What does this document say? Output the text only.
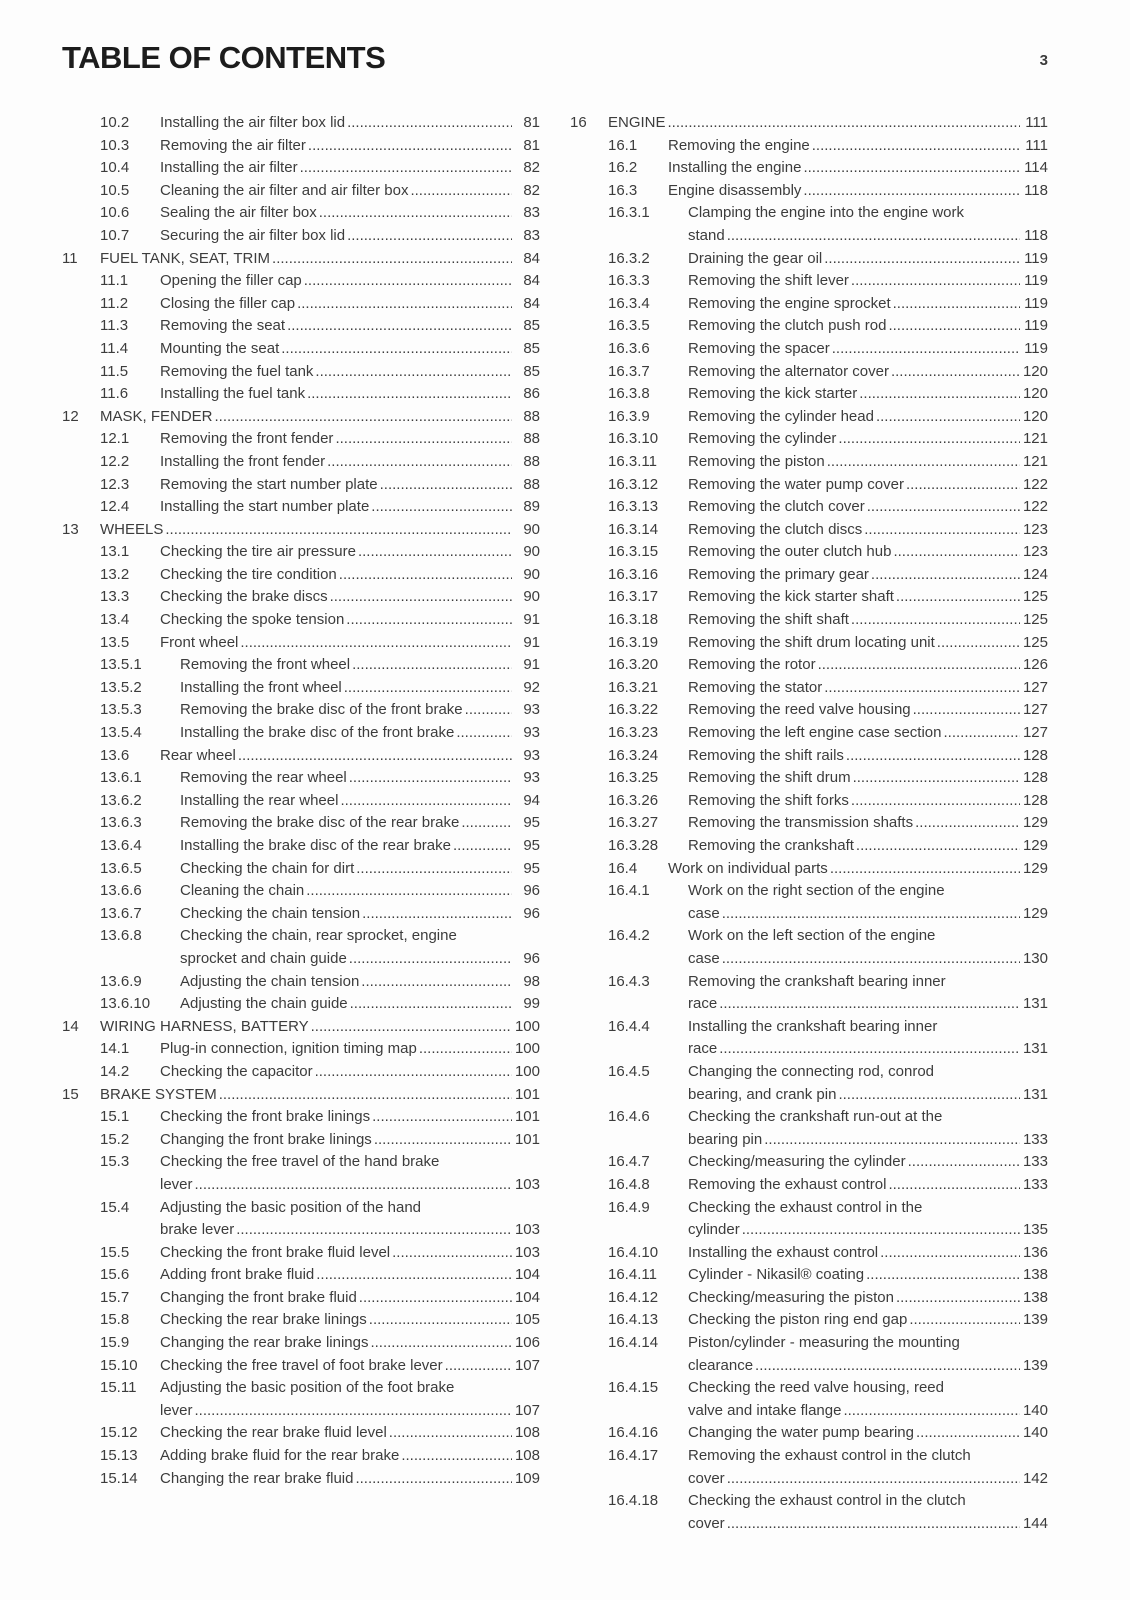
TABLE OF CONTENTS	3
10.2	Installing the air filter box lid .....	81
10.3	Removing the air filter .....	81
10.4	Installing the air filter .....	82
10.5	Cleaning the air filter and air filter box .....	82
10.6	Sealing the air filter box .....	83
10.7	Securing the air filter box lid .....	83
11	FUEL TANK, SEAT, TRIM .....	84
11.1	Opening the filler cap .....	84
11.2	Closing the filler cap .....	84
11.3	Removing the seat .....	85
11.4	Mounting the seat .....	85
11.5	Removing the fuel tank .....	85
11.6	Installing the fuel tank .....	86
12	MASK, FENDER .....	88
12.1	Removing the front fender .....	88
12.2	Installing the front fender .....	88
12.3	Removing the start number plate .....	88
12.4	Installing the start number plate .....	89
13	WHEELS .....	90
13.1	Checking the tire air pressure .....	90
13.2	Checking the tire condition .....	90
13.3	Checking the brake discs .....	90
13.4	Checking the spoke tension .....	91
13.5	Front wheel .....	91
13.5.1	Removing the front wheel .....	91
13.5.2	Installing the front wheel .....	92
13.5.3	Removing the brake disc of the front brake .....	93
13.5.4	Installing the brake disc of the front brake .....	93
13.6	Rear wheel .....	93
13.6.1	Removing the rear wheel .....	93
13.6.2	Installing the rear wheel .....	94
13.6.3	Removing the brake disc of the rear brake .....	95
13.6.4	Installing the brake disc of the rear brake .....	95
13.6.5	Checking the chain for dirt .....	95
13.6.6	Cleaning the chain .....	96
13.6.7	Checking the chain tension .....	96
13.6.8	Checking the chain, rear sprocket, engine
sprocket and chain guide .....	96
13.6.9	Adjusting the chain tension .....	98
13.6.10	Adjusting the chain guide .....	99
14	WIRING HARNESS, BATTERY .....	100
14.1	Plug-in connection, ignition timing map .....	100
14.2	Checking the capacitor .....	100
15	BRAKE SYSTEM .....	101
15.1	Checking the front brake linings .....	101
15.2	Changing the front brake linings .....	101
15.3	Checking the free travel of the hand brake
lever .....	103
15.4	Adjusting the basic position of the hand
brake lever .....	103
15.5	Checking the front brake fluid level .....	103
15.6	Adding front brake fluid .....	104
15.7	Changing the front brake fluid .....	104
15.8	Checking the rear brake linings .....	105
15.9	Changing the rear brake linings .....	106
15.10	Checking the free travel of foot brake lever .....	107
15.11	Adjusting the basic position of the foot brake
lever .....	107
15.12	Checking the rear brake fluid level .....	108
15.13	Adding brake fluid for the rear brake .....	108
15.14	Changing the rear brake fluid .....	109
16	ENGINE .....	111
16.1	Removing the engine .....	111
16.2	Installing the engine .....	114
16.3	Engine disassembly .....	118
16.3.1	Clamping the engine into the engine work
stand .....	118
16.3.2	Draining the gear oil .....	119
16.3.3	Removing the shift lever .....	119
16.3.4	Removing the engine sprocket .....	119
16.3.5	Removing the clutch push rod .....	119
16.3.6	Removing the spacer .....	119
16.3.7	Removing the alternator cover .....	120
16.3.8	Removing the kick starter .....	120
16.3.9	Removing the cylinder head .....	120
16.3.10	Removing the cylinder .....	121
16.3.11	Removing the piston .....	121
16.3.12	Removing the water pump cover .....	122
16.3.13	Removing the clutch cover .....	122
16.3.14	Removing the clutch discs .....	123
16.3.15	Removing the outer clutch hub .....	123
16.3.16	Removing the primary gear .....	124
16.3.17	Removing the kick starter shaft .....	125
16.3.18	Removing the shift shaft .....	125
16.3.19	Removing the shift drum locating unit .....	125
16.3.20	Removing the rotor .....	126
16.3.21	Removing the stator .....	127
16.3.22	Removing the reed valve housing .....	127
16.3.23	Removing the left engine case section .....	127
16.3.24	Removing the shift rails .....	128
16.3.25	Removing the shift drum .....	128
16.3.26	Removing the shift forks .....	128
16.3.27	Removing the transmission shafts .....	129
16.3.28	Removing the crankshaft .....	129
16.4	Work on individual parts .....	129
16.4.1	Work on the right section of the engine
case .....	129
16.4.2	Work on the left section of the engine
case .....	130
16.4.3	Removing the crankshaft bearing inner
race .....	131
16.4.4	Installing the crankshaft bearing inner
race .....	131
16.4.5	Changing the connecting rod, conrod
bearing, and crank pin .....	131
16.4.6	Checking the crankshaft run-out at the
bearing pin .....	133
16.4.7	Checking/measuring the cylinder .....	133
16.4.8	Removing the exhaust control .....	133
16.4.9	Checking the exhaust control in the
cylinder .....	135
16.4.10	Installing the exhaust control .....	136
16.4.11	Cylinder - Nikasil® coating .....	138
16.4.12	Checking/measuring the piston .....	138
16.4.13	Checking the piston ring end gap .....	139
16.4.14	Piston/cylinder - measuring the mounting
clearance .....	139
16.4.15	Checking the reed valve housing, reed
valve and intake flange .....	140
16.4.16	Changing the water pump bearing .....	140
16.4.17	Removing the exhaust control in the clutch
cover .....	142
16.4.18	Checking the exhaust control in the clutch
cover .....	144
